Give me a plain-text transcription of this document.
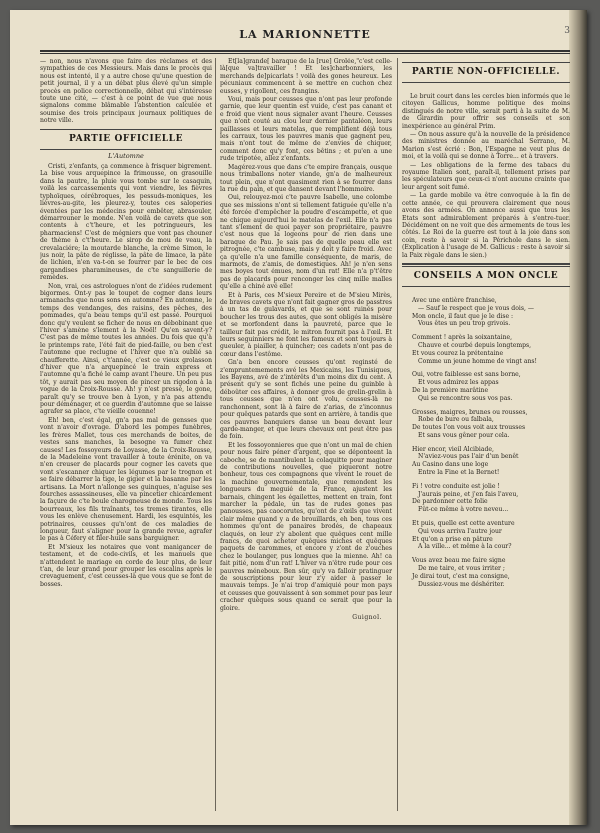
LA MARIONNETTE	3

— non, nous n'avons que faire des réclames et des sympathies de ces Messieurs. Mais dans le procès qui nous est intenté, il y a autre chose qu'une question de petit journal, il y a un débat plus élevé qu'un simple procès en police correctionnelle, débat qui s'intéresse toute une cité, — c'est à ce point de vue que nous signalons comme blâmable l'abstention calculée et soumise des trois principaux journaux politiques de notre ville.

PARTIE OFFICIELLE
L'Automne

Cristi, z'enfants, ça commence à frisquer bigrement. La bise vous arquepince la frimousse, on grasouille dans la pautre, la pluie vous tombe sur le casaquin, voilà les carcassements qui vont viendre, les fièvres typhoïques, cérébroques, les pessuds-moniques, les lièvres-au-gite, les pleurez-y, toutes ces saloperies éventées par les médecins pour embêter, abrasouler, démarrouner le monde. N'en voilà de cavets que son contents à c't'heure, et les potringueurs, les pharmaciens! C'est de mégniers que vont pas chouner de thème à c't'heure. Le sirop de mou de veau, la crevalaciére; la moutarde blanche, la crème Simon, le jus noir, la pâte de réglisse, la pâte de limace, la pâte de lichien, n'en va-t-on se fourrer par le bec de ces gargandises pharamineuses, de c'te sanguillerie de remèdes.

Non, vrai, ces astrologues n'ont de z'idées rudement bigormes. Ont-y pas le toupet de cogner dans leurs armanachs que nous sons en automne? En automne, le temps des vendanges, des raisins, des pêches, des pommades, qu'a beau temps qu'il est passé. Pourquoi donc qu'y veulent se ficher de nous en débobinant que l'hiver s'amène s'lement à la Noël! Qu'en savent-y? C'est pas de même toutes les années. Du fois que qu'à le printemps rate, l'été fait de pied-faille, ou ben c'est l'automne que reclugne et l'hiver que n'a oublié sa chaufferette. Ainsi, c't'année, c'est ce vieux grolasson d'hiver que n'a arquepincé le train express et l'automne qu'a fiché le camp avant l'heure. Un peu pus tôt, y aurait pas seu moyen de pincer un rigodon à la vogue de la Croix-Rousse. Ah! y n'est pressé, le gone, paraît qu'y se trouve ben à Lyon, y n'a pas attendu pour déménager, et ce guerdin d'automne que se laisse agrafer sa place, c'te vieille couenne!

Eh! ben, c'est égal, gn'a pas mal de gensses que vont n'avoir d'ovrage. D'abord les pompes funèbres, les frères Mallet, tous ces merchands de boites, de vestes sans manches, la besogne va fumer chez causes! Les fossoyeurs de Loyasse, de la Croix-Rousse, de la Madeleine vont travailler à toute érénite, on va n'en creuser de placards pour cogner les cavets que vont s'escanner chiquer les légumes par le trognon et se faire débarrer la tige, le gigier et la basanne par les artisans. La Mort n'allonge ses guinques, n'aguise ses fourches assassineuses, elle va pincetier chicardement la façure de c'te boule charogneuse de monde. Tous les bourreaux, les fils traînants, tes tremes tirantes, elle vous les enlève chenusement. Hardi, les esquintés, les potrinaires, ceusses qu'n'ont de ces maladies de longueur, faut s'aligner pour la grande revue, agrafer le pas à Céfery et filer-huile sans barguigner.

Et M'sieux les notaires que vont manigancer de testament, et de code-civils, et les manuels que n'attendent le mariage en corde de leur plus, de leur t'an, de leur grand pour grouper les escalins après le crevaguement, c'est ceusses-là que vous que se font de bosses.

Et[la]grande[ baraque de la [rue] Grolée,"c'est celle-là[que va]travailler ! Et les]charbonniers, les merchands de]picarlats ! voilà des gones heureux. Les pécuniaux commencent à se mettre en cuchon chez eusses, y rigollent, ces frangins.

Voui, mais pour ceusses que n'ont pas leur profonde garnie, que leur quentin est vuide, c'est pas canant et e froid que vient nous signaler avant l'heure. Ceusses que n'ont couté au clou leur dernier pantaléon, leurs paillasses et leurs matelas, que remplifient déjà tous les carraux, tous les pauvres manis que gagnent peu, mais n'ont tout de même de z'envies de chiquer, comment donc qu'y font, ces bêtins ; et pu'en a une rude tripotée, allez z'enfants.

Magérez-vous que dans c'te empire français, ousque nous trimballons noter viande, gn'a de malheureux tout plein, que n'ont quasiment rien à se fourrer dans la rue du pain, et que dansent devant l'hommoire.

Oui, relouyez-moi c'te pauvre Isabelle, une colombe que ses missions n'ont si tellement fatiguée qu'elle n'a été forcée d'empêcher la poudre d'escampette, et que ne chique aujourd'hui le matelas de l'exil. Elle n'a pas tant s'lement de quoi payer son propriétaire, pauvre c'est nous que la logeons pour de rien dans une baraque de Pau. Je sais pas de quelle peau elle est pitrognée, c'te cambuse, mais y doit y faire froid. Avec ça qu'elle n'a une famille conséquente, de maris, de marmots, de z'amis, de domestiques. Ah! je n'en sens mes boyes tout émues, nom d'un rat! Elle n'a p't'être pas de placards pour renconger les cinq mille malles qu'elle a chiné avé elle!

Et à Paris, ces M'sieux Pereire et de M'sieu Mirès, de braves cavets que n'ont fait gagner gros de passtres à un tas de gulavards, et que se sont ruinés pour boucher les trous des autes, que sont obligés la misère et se morfondent dans la pauvreté, parce que le tailleur fait pas crédit, le mitron fournit pas à l'œil. Et leurs seguinniers ne font les fameux et sont toujours à gueuler, à piailler, à quincher; ces cadets n'ont pas de cœur dans l'estôme.

Gn'a ben encore ceusses qu'ont reginsté de z'empruntemements avé les Mexicains, les Tunisiques, les Bayens, avé de z'intérêts d'un moins dix du cent. A présent qu'y se sont fichés une peine du guinble à déboûter ces affaires, à donner gros de grelin-grelin à tous ceusses que n'en ont volu, ceusses-là ne ranchonnent, sont là à faire de z'arias, de z'inconnus pour quêques patards que sont en arrière, à tandis que ces pauvres banquiers danse un beau devant leur garde-manger, et que leurs chevaux ont peut être pas de foin.

Et les fossoyonnieres que que n'ont un mal de chien pour nous faire péner d'argent, que se déponteent la caboche, se de mantibulent la colaquitte pour maginer de contributions nouvelles, que piqueront notre bonheur, tous ces compagnons que vivent le rouet de la machine gouvernementale, que remondent les longueurs du meguié de la France, ajustent les barnais, chingent les égailettes, mettent en train, font marcher la pédale, un tas de rudes gones pas panousses, pas caocorutes, qu'ont de z'œils que vivent clair même quand y a de brouillards, eh ben, tous ces hommes qu'ont de panaires brodés, de chapeaux claqués, on leur z'y abolent que quêques cent mille francs, de quoi acheter quêques miches et quêques paquets de carommes, et encore y z'ont de z'ouches chez le boulanger, pus longues que la mienne. Ah! ca fait pitié, nom d'un rat! L'hiver va n'être rude pour ces pauvres méneboux. Ben sûr, qu'y va falloir pratinguer de souscriptions pour leur z'y aider à passer le mauvais temps. Je n'ai trop d'amiquié pour mon pays et ceusses que gouvaissent à son sommet pour pas leur cracher quêques sous quand ce serait que pour la gloire.

Guignol.
PARTIE NON-OFFICIELLE.

Le bruit court dans les cercles bien informés que le citoyen Gallicus, homme politique des moins distingués de notre ville, serait parti à la suite de M. de Girardin pour offrir ses conseils et son inexpérience au général Prim.

— On nous assure qu'à la nouvelle de la présidence des ministres donnée au maréchal Serrano, M. Marion s'est écrié : Bon, l'Espagne ne veut plus de moi, et la voilà qui se donne à Torre... et à travers.

— Les obligations de la ferme des tabacs du royaume Italien sont, paraît-il, tellement prises par les spéculateurs que ceux-ci n'ont aucune crainte que leur argent soit fumé.

— La garde mobile va être convoquée à la fin de cette année, ce qui prouvera clairement que nous avons des armées. On annonce aussi que tous les Etats sont admirablement préparés à s'entre-tuer. Décidément on ne voit que des armements de tous les côtés. Le Roi de la guerre est tout à la joie dans son coin, reste à savoir si la Périchole dans le sien. (Explication à l'usage de M. Gallicus : reste à savoir si la Paix règale dans le sien.)

CONSEILS A MON ONCLE
Avec une entière franchise,
— Sauf le respect que je vous dois, —
Mon oncle, il faut que je le dise :
Vous êtes un peu trop grivois.
Comment ! après la soixantaine,
Chauve et courbé depuis longtemps,
Et vous courez la prétentaine
Comme un jeune homme de vingt ans!
Oui, votre faiblesse est sans borne,
Et vous admirez les appas
De la première marâtine
Qui se rencontre sous vos pas.
Grosses, maigres, brunes ou rousses,
Robe de bure ou falbala,
De toutes l'on vous voit aux trousses
Et sans vous gêner pour cela.
Hier encor, vieil Alcibiade,
N'aviez-vous pas l'air d'un benêt
Au Casino dans une loge
Entre la Fine et la Bernet!
Fi ! votre conduite est jolie !
J'aurais peine, et j'en fais l'aveu,
De pardonner cette folie
Fût-ce même à votre neveu...
Et puis, quelle est cette aventure
Qui vous arriva l'autre jour
Et qu'on a prise en pâture
A la ville... et même à la cour?
Vous avez beau me faire signe
De me taire, et vous irriter ;
Je dirai tout, c'est ma consigne,
Dussiez-vous me déshériter.
